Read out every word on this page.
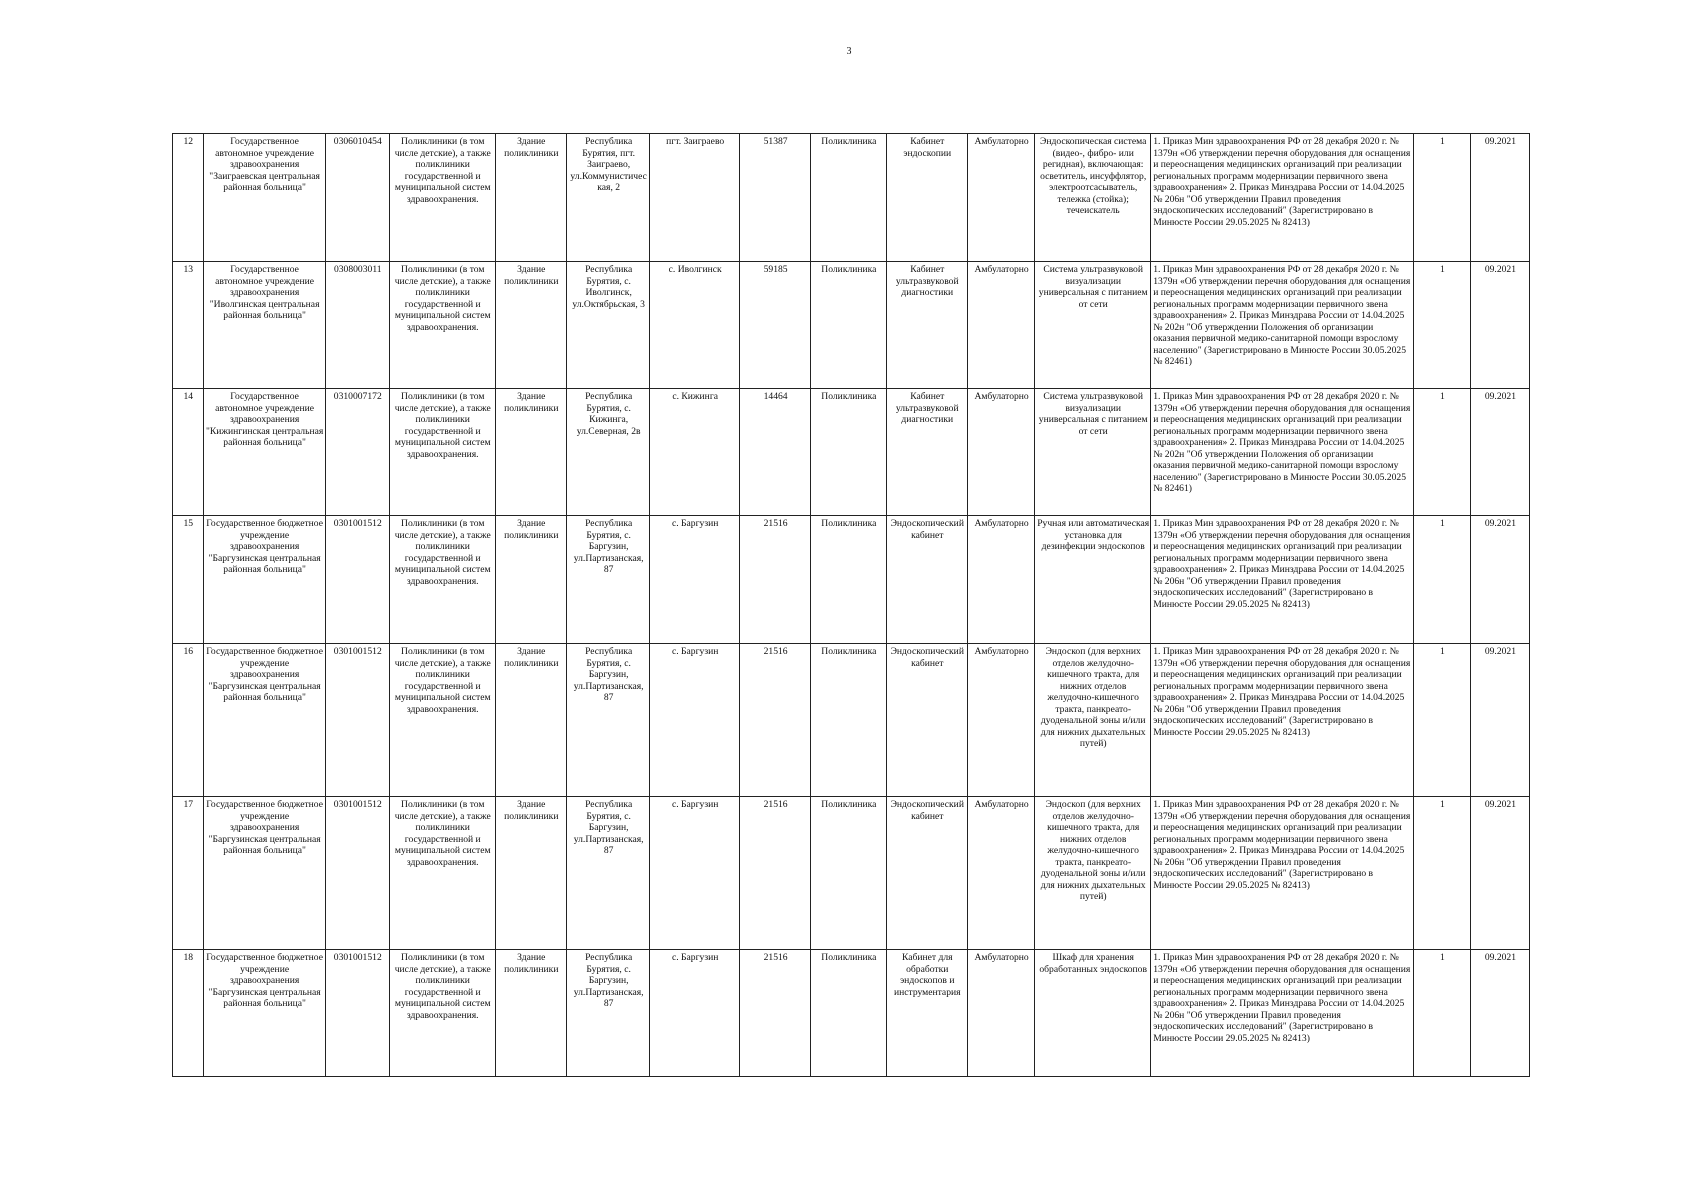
3
12	Государственное автономное учреждение здравоохранения "Заиграевская центральная районная больница"	0306010454	Поликлиники (в том числе детские), а также поликлиники государственной и муниципальной систем здравоохранения.	Здание поликлиники	Республика Бурятия, пгт. Заиграево, ул.Коммунистическая, 2	пгт. Заиграево	51387	Поликлиника	Кабинет эндоскопии	Амбулаторно	Эндоскопическая система (видео-, фибро- или регидная), включающая: осветитель, инсуффлятор, электроотсасыватель, тележка (стойка); течеискатель	1. Приказ Мин здравоохранения РФ от 28 декабря 2020 г. № 1379н «Об утверждении перечня оборудования для оснащения и переоснащения медицинских организаций при реализации региональных программ модернизации первичного звена здравоохранения» 2. Приказ Минздрава России от 14.04.2025 № 206н "Об утверждении Правил проведения эндоскопических исследований" (Зарегистрировано в Минюсте России 29.05.2025 № 82413)	1	09.2021
13	Государственное автономное учреждение здравоохранения "Иволгинская центральная районная больница"	0308003011	Поликлиники (в том числе детские), а также поликлиники государственной и муниципальной систем здравоохранения.	Здание поликлиники	Республика Бурятия, с. Иволгинск, ул.Октябрьская, 3	с. Иволгинск	59185	Поликлиника	Кабинет ультразвуковой диагностики	Амбулаторно	Система ультразвуковой визуализации универсальная с питанием от сети	1. Приказ Мин здравоохранения РФ от 28 декабря 2020 г. № 1379н «Об утверждении перечня оборудования для оснащения и переоснащения медицинских организаций при реализации региональных программ модернизации первичного звена здравоохранения» 2. Приказ Минздрава России от 14.04.2025 № 202н "Об утверждении Положения об организации оказания первичной медико-санитарной помощи взрослому населению" (Зарегистрировано в Минюсте России 30.05.2025 № 82461)	1	09.2021
14	Государственное автономное учреждение здравоохранения "Кижингинская центральная районная больница"	0310007172	Поликлиники (в том числе детские), а также поликлиники государственной и муниципальной систем здравоохранения.	Здание поликлиники	Республика Бурятия, с. Кижинга, ул.Северная, 2в	с. Кижинга	14464	Поликлиника	Кабинет ультразвуковой диагностики	Амбулаторно	Система ультразвуковой визуализации универсальная с питанием от сети	1. Приказ Мин здравоохранения РФ от 28 декабря 2020 г. № 1379н «Об утверждении перечня оборудования для оснащения и переоснащения медицинских организаций при реализации региональных программ модернизации первичного звена здравоохранения» 2. Приказ Минздрава России от 14.04.2025 № 202н "Об утверждении Положения об организации оказания первичной медико-санитарной помощи взрослому населению" (Зарегистрировано в Минюсте России 30.05.2025 № 82461)	1	09.2021
15	Государственное бюджетное учреждение здравоохранения "Баргузинская центральная районная больница"	0301001512	Поликлиники (в том числе детские), а также поликлиники государственной и муниципальной систем здравоохранения.	Здание поликлиники	Республика Бурятия, с. Баргузин, ул.Партизанская, 87	с. Баргузин	21516	Поликлиника	Эндоскопический кабинет	Амбулаторно	Ручная или автоматическая установка для дезинфекции эндоскопов	1. Приказ Мин здравоохранения РФ от 28 декабря 2020 г. № 1379н «Об утверждении перечня оборудования для оснащения и переоснащения медицинских организаций при реализации региональных программ модернизации первичного звена здравоохранения» 2. Приказ Минздрава России от 14.04.2025 № 206н "Об утверждении Правил проведения эндоскопических исследований" (Зарегистрировано в Минюсте России 29.05.2025 № 82413)	1	09.2021
16	Государственное бюджетное учреждение здравоохранения "Баргузинская центральная районная больница"	0301001512	Поликлиники (в том числе детские), а также поликлиники государственной и муниципальной систем здравоохранения.	Здание поликлиники	Республика Бурятия, с. Баргузин, ул.Партизанская, 87	с. Баргузин	21516	Поликлиника	Эндоскопический кабинет	Амбулаторно	Эндоскоп (для верхних отделов желудочно-кишечного тракта, для нижних отделов желудочно-кишечного тракта, панкреато-дуоденальной зоны и/или для нижних дыхательных путей)	1. Приказ Мин здравоохранения РФ от 28 декабря 2020 г. № 1379н «Об утверждении перечня оборудования для оснащения и переоснащения медицинских организаций при реализации региональных программ модернизации первичного звена здравоохранения» 2. Приказ Минздрава России от 14.04.2025 № 206н "Об утверждении Правил проведения эндоскопических исследований" (Зарегистрировано в Минюсте России 29.05.2025 № 82413)	1	09.2021
17	Государственное бюджетное учреждение здравоохранения "Баргузинская центральная районная больница"	0301001512	Поликлиники (в том числе детские), а также поликлиники государственной и муниципальной систем здравоохранения.	Здание поликлиники	Республика Бурятия, с. Баргузин, ул.Партизанская, 87	с. Баргузин	21516	Поликлиника	Эндоскопический кабинет	Амбулаторно	Эндоскоп (для верхних отделов желудочно-кишечного тракта, для нижних отделов желудочно-кишечного тракта, панкреато-дуоденальной зоны и/или для нижних дыхательных путей)	1. Приказ Мин здравоохранения РФ от 28 декабря 2020 г. № 1379н «Об утверждении перечня оборудования для оснащения и переоснащения медицинских организаций при реализации региональных программ модернизации первичного звена здравоохранения» 2. Приказ Минздрава России от 14.04.2025 № 206н "Об утверждении Правил проведения эндоскопических исследований" (Зарегистрировано в Минюсте России 29.05.2025 № 82413)	1	09.2021
18	Государственное бюджетное учреждение здравоохранения "Баргузинская центральная районная больница"	0301001512	Поликлиники (в том числе детские), а также поликлиники государственной и муниципальной систем здравоохранения.	Здание поликлиники	Республика Бурятия, с. Баргузин, ул.Партизанская, 87	с. Баргузин	21516	Поликлиника	Кабинет для обработки эндоскопов и инструментария	Амбулаторно	Шкаф для хранения обработанных эндоскопов	1. Приказ Мин здравоохранения РФ от 28 декабря 2020 г. № 1379н «Об утверждении перечня оборудования для оснащения и переоснащения медицинских организаций при реализации региональных программ модернизации первичного звена здравоохранения» 2. Приказ Минздрава России от 14.04.2025 № 206н "Об утверждении Правил проведения эндоскопических исследований" (Зарегистрировано в Минюсте России 29.05.2025 № 82413)	1	09.2021
